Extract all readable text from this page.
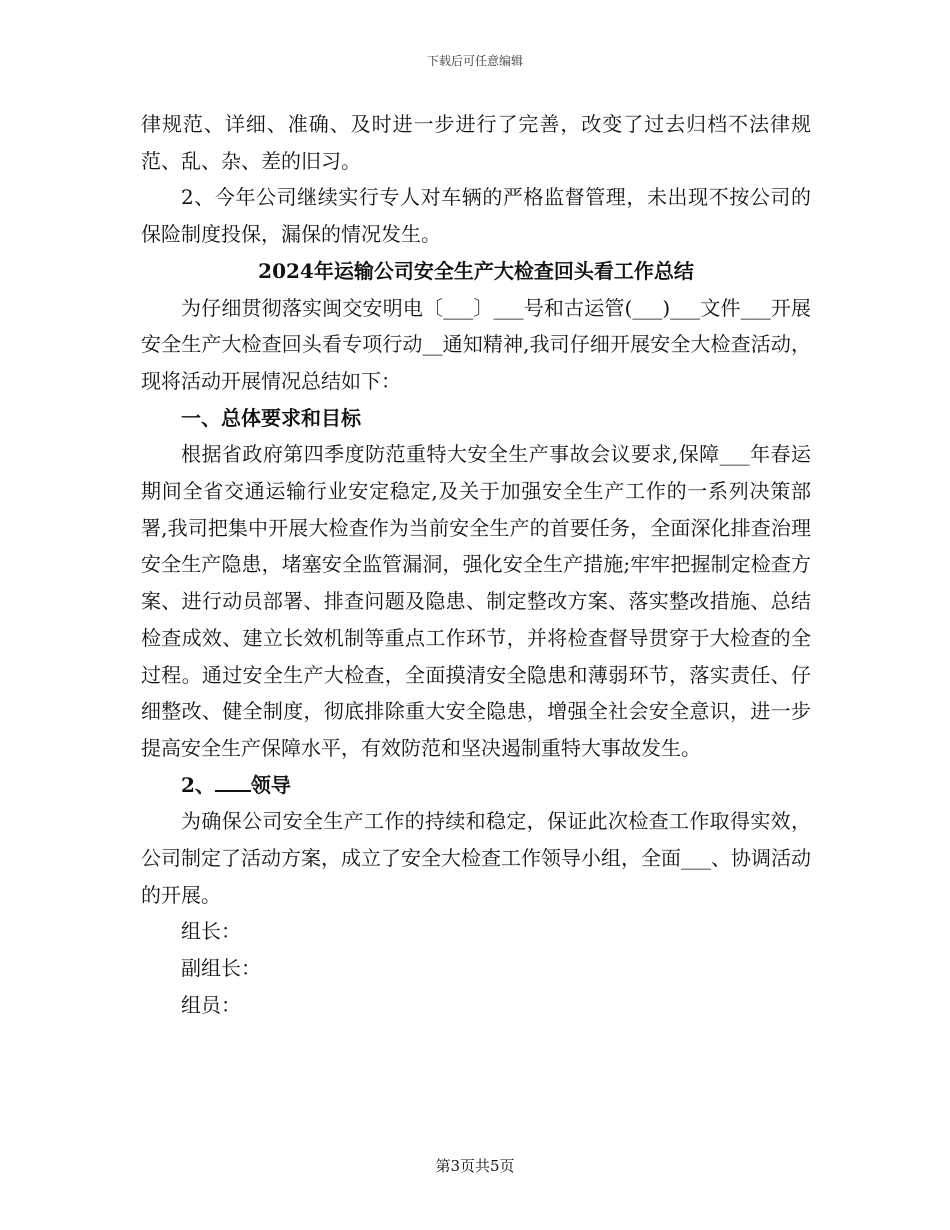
下载后可任意编辑

律规范、详细、准确、及时进一步进行了完善，改变了过去归档不法律规范、乱、杂、差的旧习。

2、今年公司继续实行专人对车辆的严格监督管理，未出现不按公司的保险制度投保，漏保的情况发生。

2024年运输公司安全生产大检查回头看工作总结

为仔细贯彻落实闽交安明电〔___〕___号和古运管(___)___文件___开展安全生产大检查回头看专项行动__通知精神,我司仔细开展安全大检查活动，现将活动开展情况总结如下：

一、总体要求和目标

根据省政府第四季度防范重特大安全生产事故会议要求,保障___年春运期间全省交通运输行业安定稳定,及关于加强安全生产工作的一系列决策部署,我司把集中开展大检查作为当前安全生产的首要任务，全面深化排查治理安全生产隐患，堵塞安全监管漏洞，强化安全生产措施;牢牢把握制定检查方案、进行动员部署、排查问题及隐患、制定整改方案、落实整改措施、总结检查成效、建立长效机制等重点工作环节，并将检查督导贯穿于大检查的全过程。通过安全生产大检查，全面摸清安全隐患和薄弱环节，落实责任、仔细整改、健全制度，彻底排除重大安全隐患，增强全社会安全意识，进一步提高安全生产保障水平，有效防范和坚决遏制重特大事故发生。

2、 领导

为确保公司安全生产工作的持续和稳定，保证此次检查工作取得实效，公司制定了活动方案，成立了安全大检查工作领导小组，全面___、协调活动的开展。

组长：

副组长：

组员：

第3页共5页
